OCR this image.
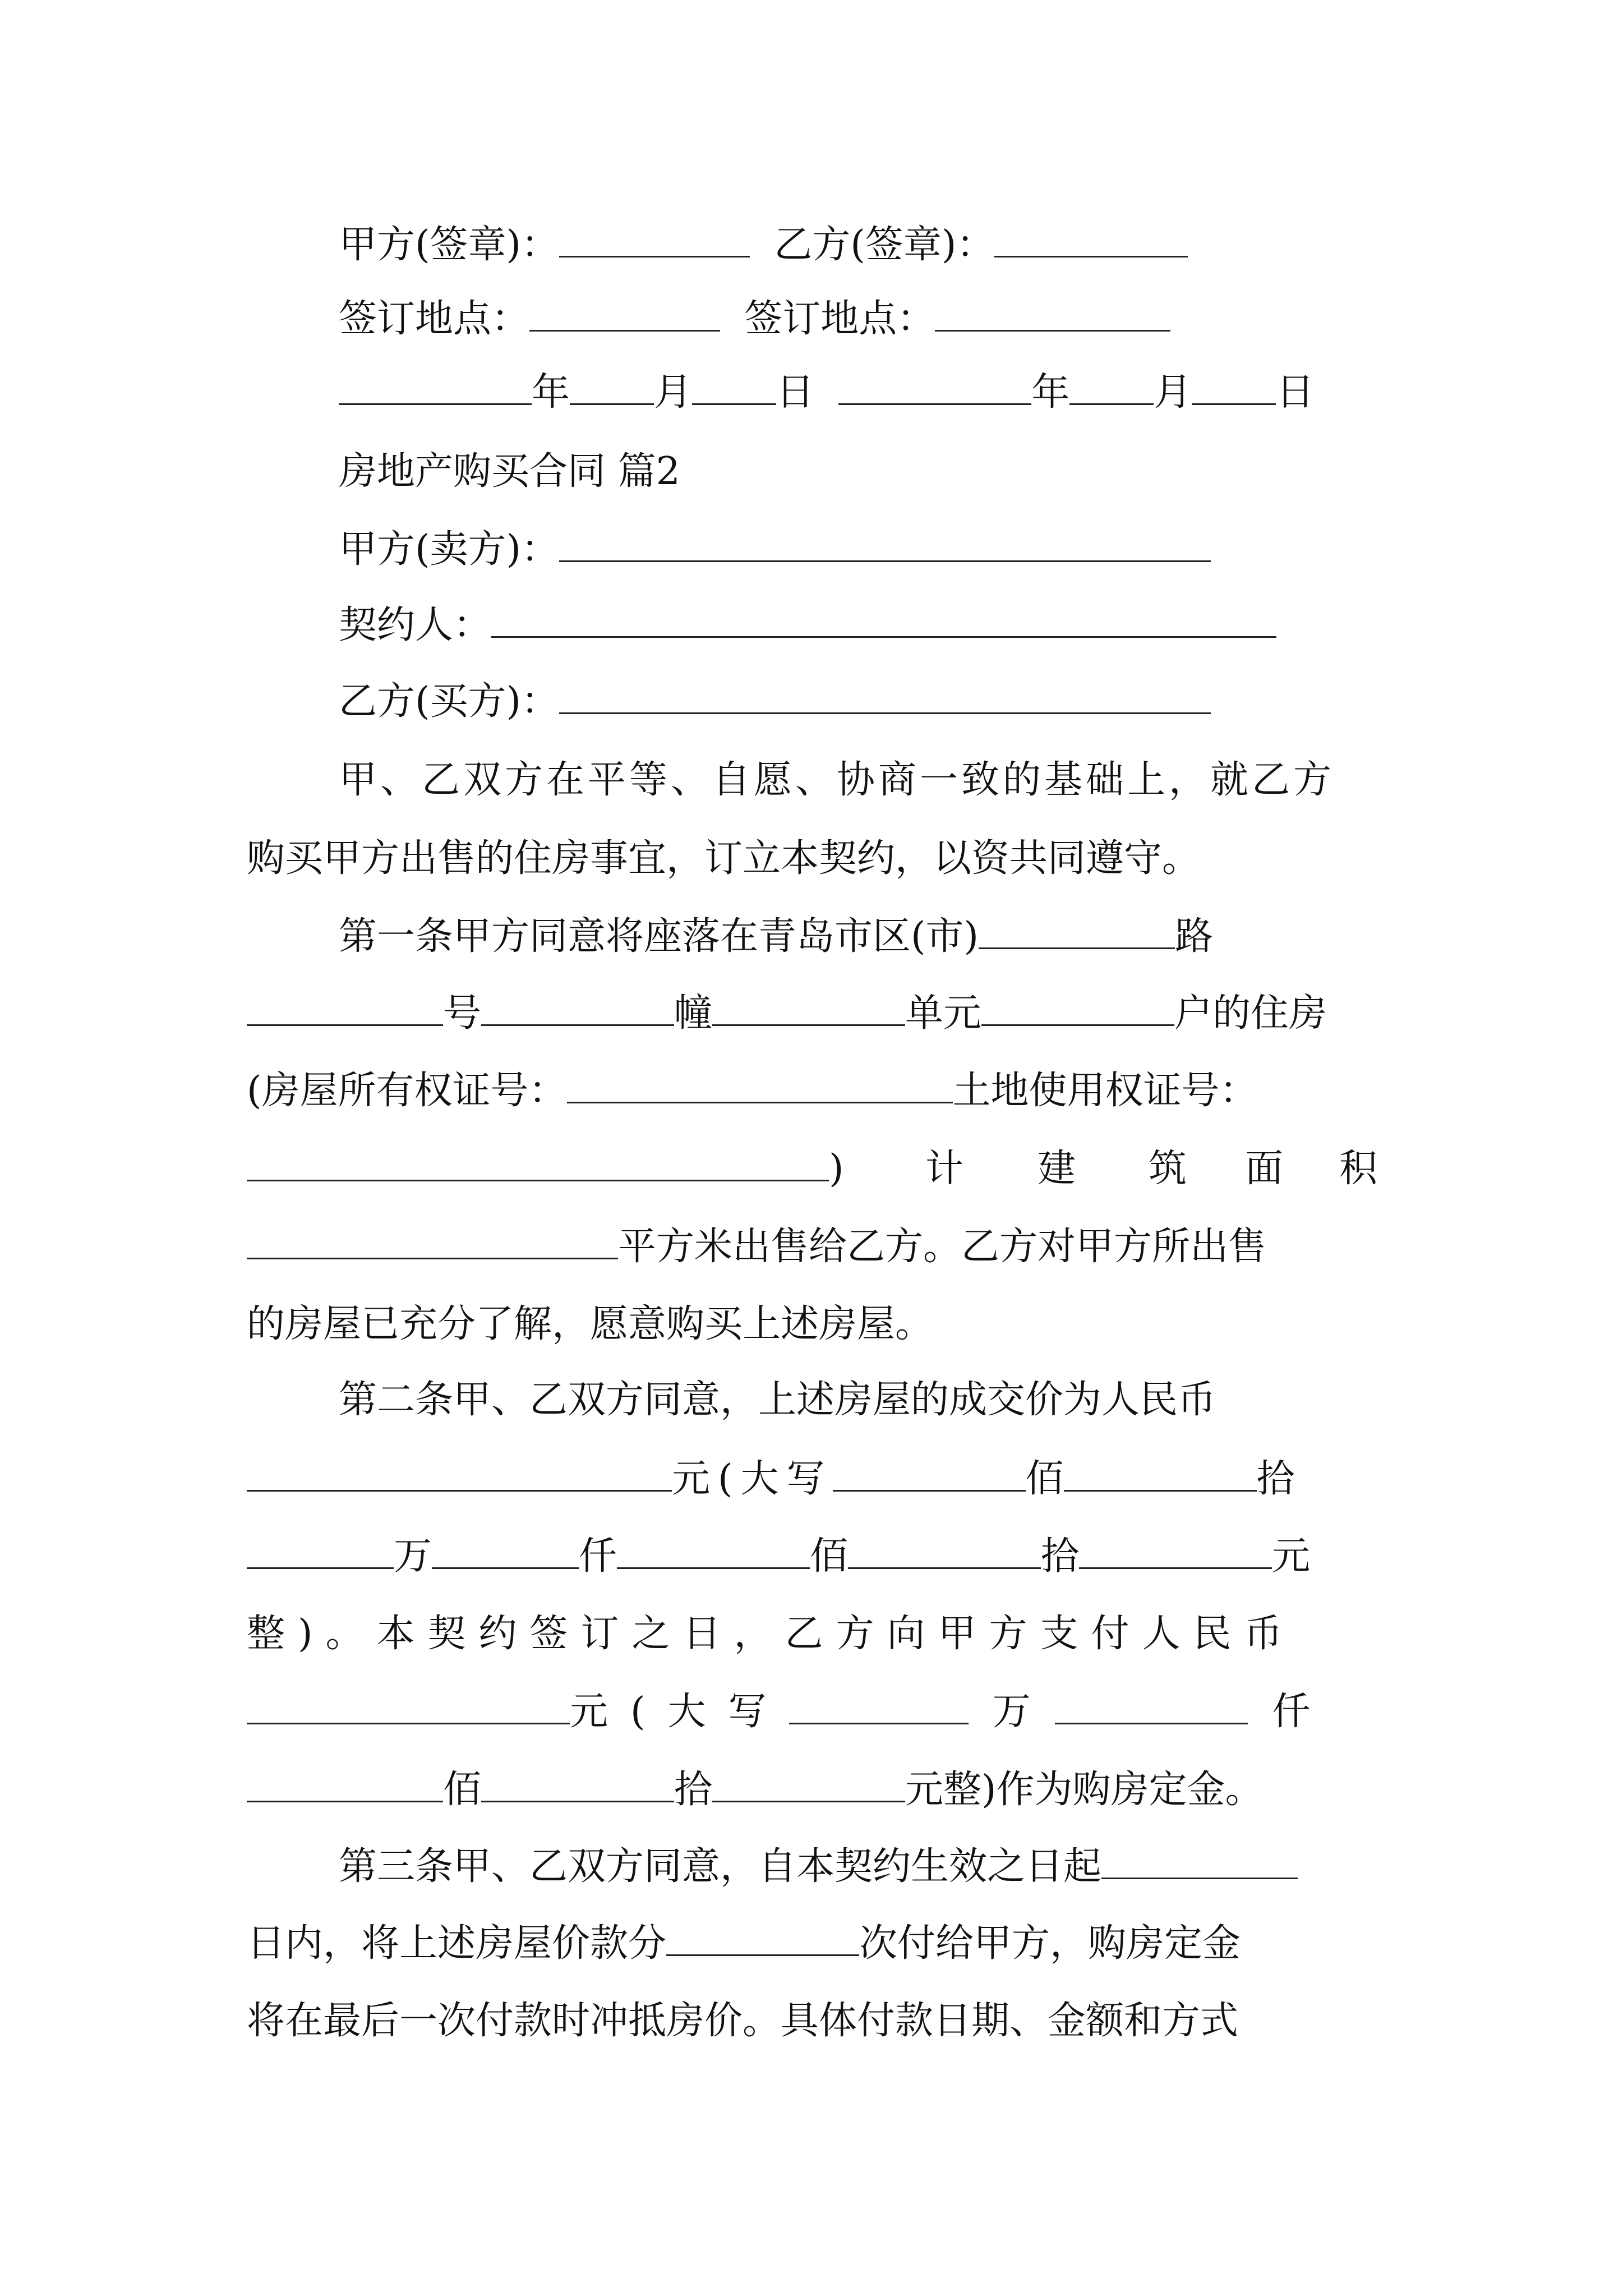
甲方(签章)：	乙方(签章)：
签订地点：	签订地点：
年 月 日	年 月 日
房地产购买合同 篇2
甲方(卖方)：
契约人：
乙方(买方)：
甲、乙双方在平等、自愿、协商一致的基础上，就乙方
购买甲方出售的住房事宜，订立本契约，以资共同遵守。
第一条甲方同意将座落在青岛市区(市)	路
号	幢	单元	户的住房
(房屋所有权证号：	土地使用权证号：
) 计 建 筑 面 积
平方米出售给乙方。乙方对甲方所出售
的房屋已充分了解，愿意购买上述房屋。
第二条甲、乙双方同意，上述房屋的成交价为人民币
元(大写	佰	拾
万	仟	佰	拾	元
整)。本契约签订之日，乙方向甲方支付人民币
元(大写	万	仟
佰	拾	元整)作为购房定金。
第三条甲、乙双方同意，自本契约生效之日起
日内，将上述房屋价款分	次付给甲方，购房定金
将在最后一次付款时冲抵房价。具体付款日期、金额和方式
